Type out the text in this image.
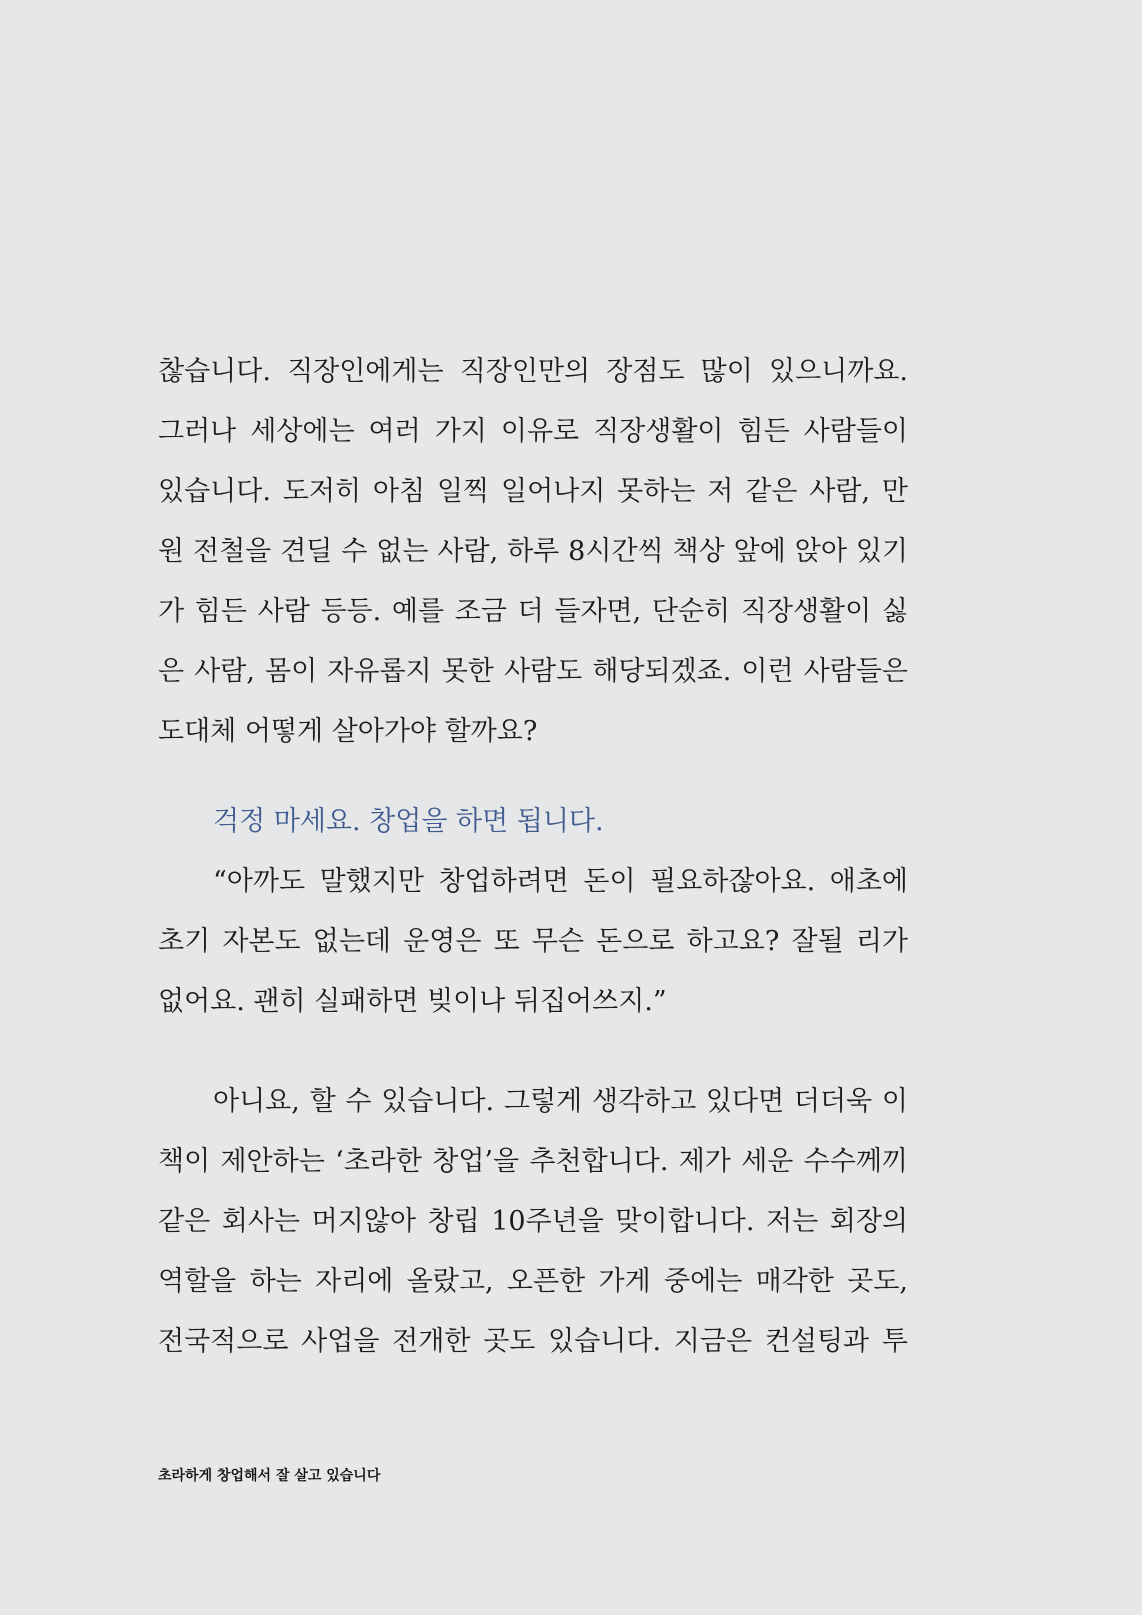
찮습니다. 직장인에게는 직장인만의 장점도 많이 있으니까요.
그러나 세상에는 여러 가지 이유로 직장생활이 힘든 사람들이
있습니다. 도저히 아침 일찍 일어나지 못하는 저 같은 사람, 만
원 전철을 견딜 수 없는 사람, 하루 8시간씩 책상 앞에 앉아 있기
가 힘든 사람 등등. 예를 조금 더 들자면, 단순히 직장생활이 싫
은 사람, 몸이 자유롭지 못한 사람도 해당되겠죠. 이런 사람들은
도대체 어떻게 살아가야 할까요?
걱정 마세요. 창업을 하면 됩니다.
“아까도 말했지만 창업하려면 돈이 필요하잖아요. 애초에
초기 자본도 없는데 운영은 또 무슨 돈으로 하고요? 잘될 리가
없어요. 괜히 실패하면 빚이나 뒤집어쓰지.”
아니요, 할 수 있습니다. 그렇게 생각하고 있다면 더더욱 이
책이 제안하는 ‘초라한 창업’을 추천합니다. 제가 세운 수수께끼
같은 회사는 머지않아 창립 10주년을 맞이합니다. 저는 회장의
역할을 하는 자리에 올랐고, 오픈한 가게 중에는 매각한 곳도,
전국적으로 사업을 전개한 곳도 있습니다. 지금은 컨설팅과 투
초라하게 창업해서 잘 살고 있습니다
